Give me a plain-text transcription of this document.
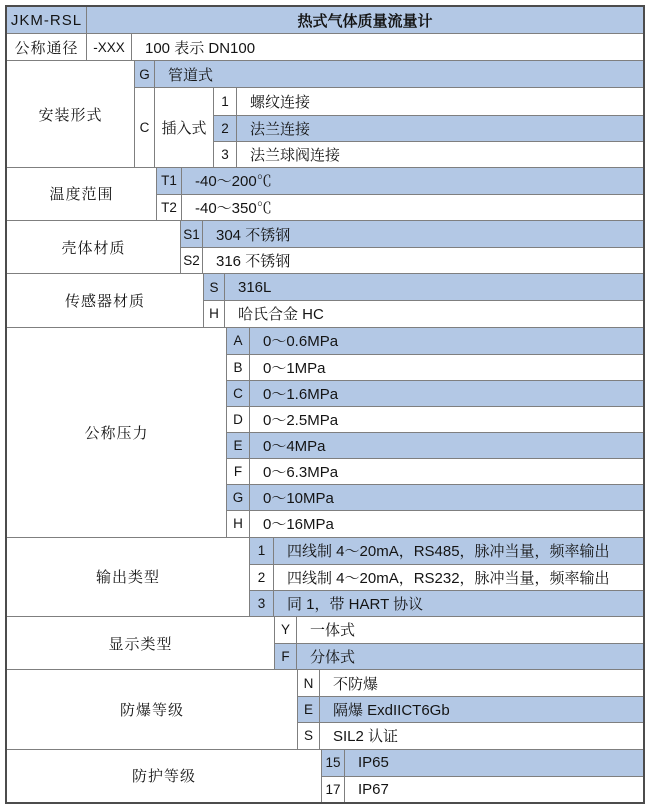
JKM-RSL	热式气体质量流量计
公称通径	-XXX	100 表示 DN100
安装形式
G	管道式
C 插入式
1	螺纹连接
2	法兰连接
3	法兰球阀连接
温度范围
T1	-40～200℃
T2	-40～350℃
壳体材质
S1	304 不锈钢
S2	316 不锈钢
传感器材质
S	316L
H	哈氏合金 HC
公称压力
A	0～0.6MPa
B	0～1MPa
C	0～1.6MPa
D	0～2.5MPa
E	0～4MPa
F	0～6.3MPa
G	0～10MPa
H	0～16MPa
输出类型
1	四线制 4～20mA，RS485，脉冲当量，频率输出
2	四线制 4～20mA，RS232，脉冲当量，频率输出
3	同 1，带 HART 协议
显示类型
Y	一体式
F	分体式
防爆等级
N	不防爆
E	隔爆 ExdIICT6Gb
S	SIL2 认证
防护等级
15	IP65
17	IP67
